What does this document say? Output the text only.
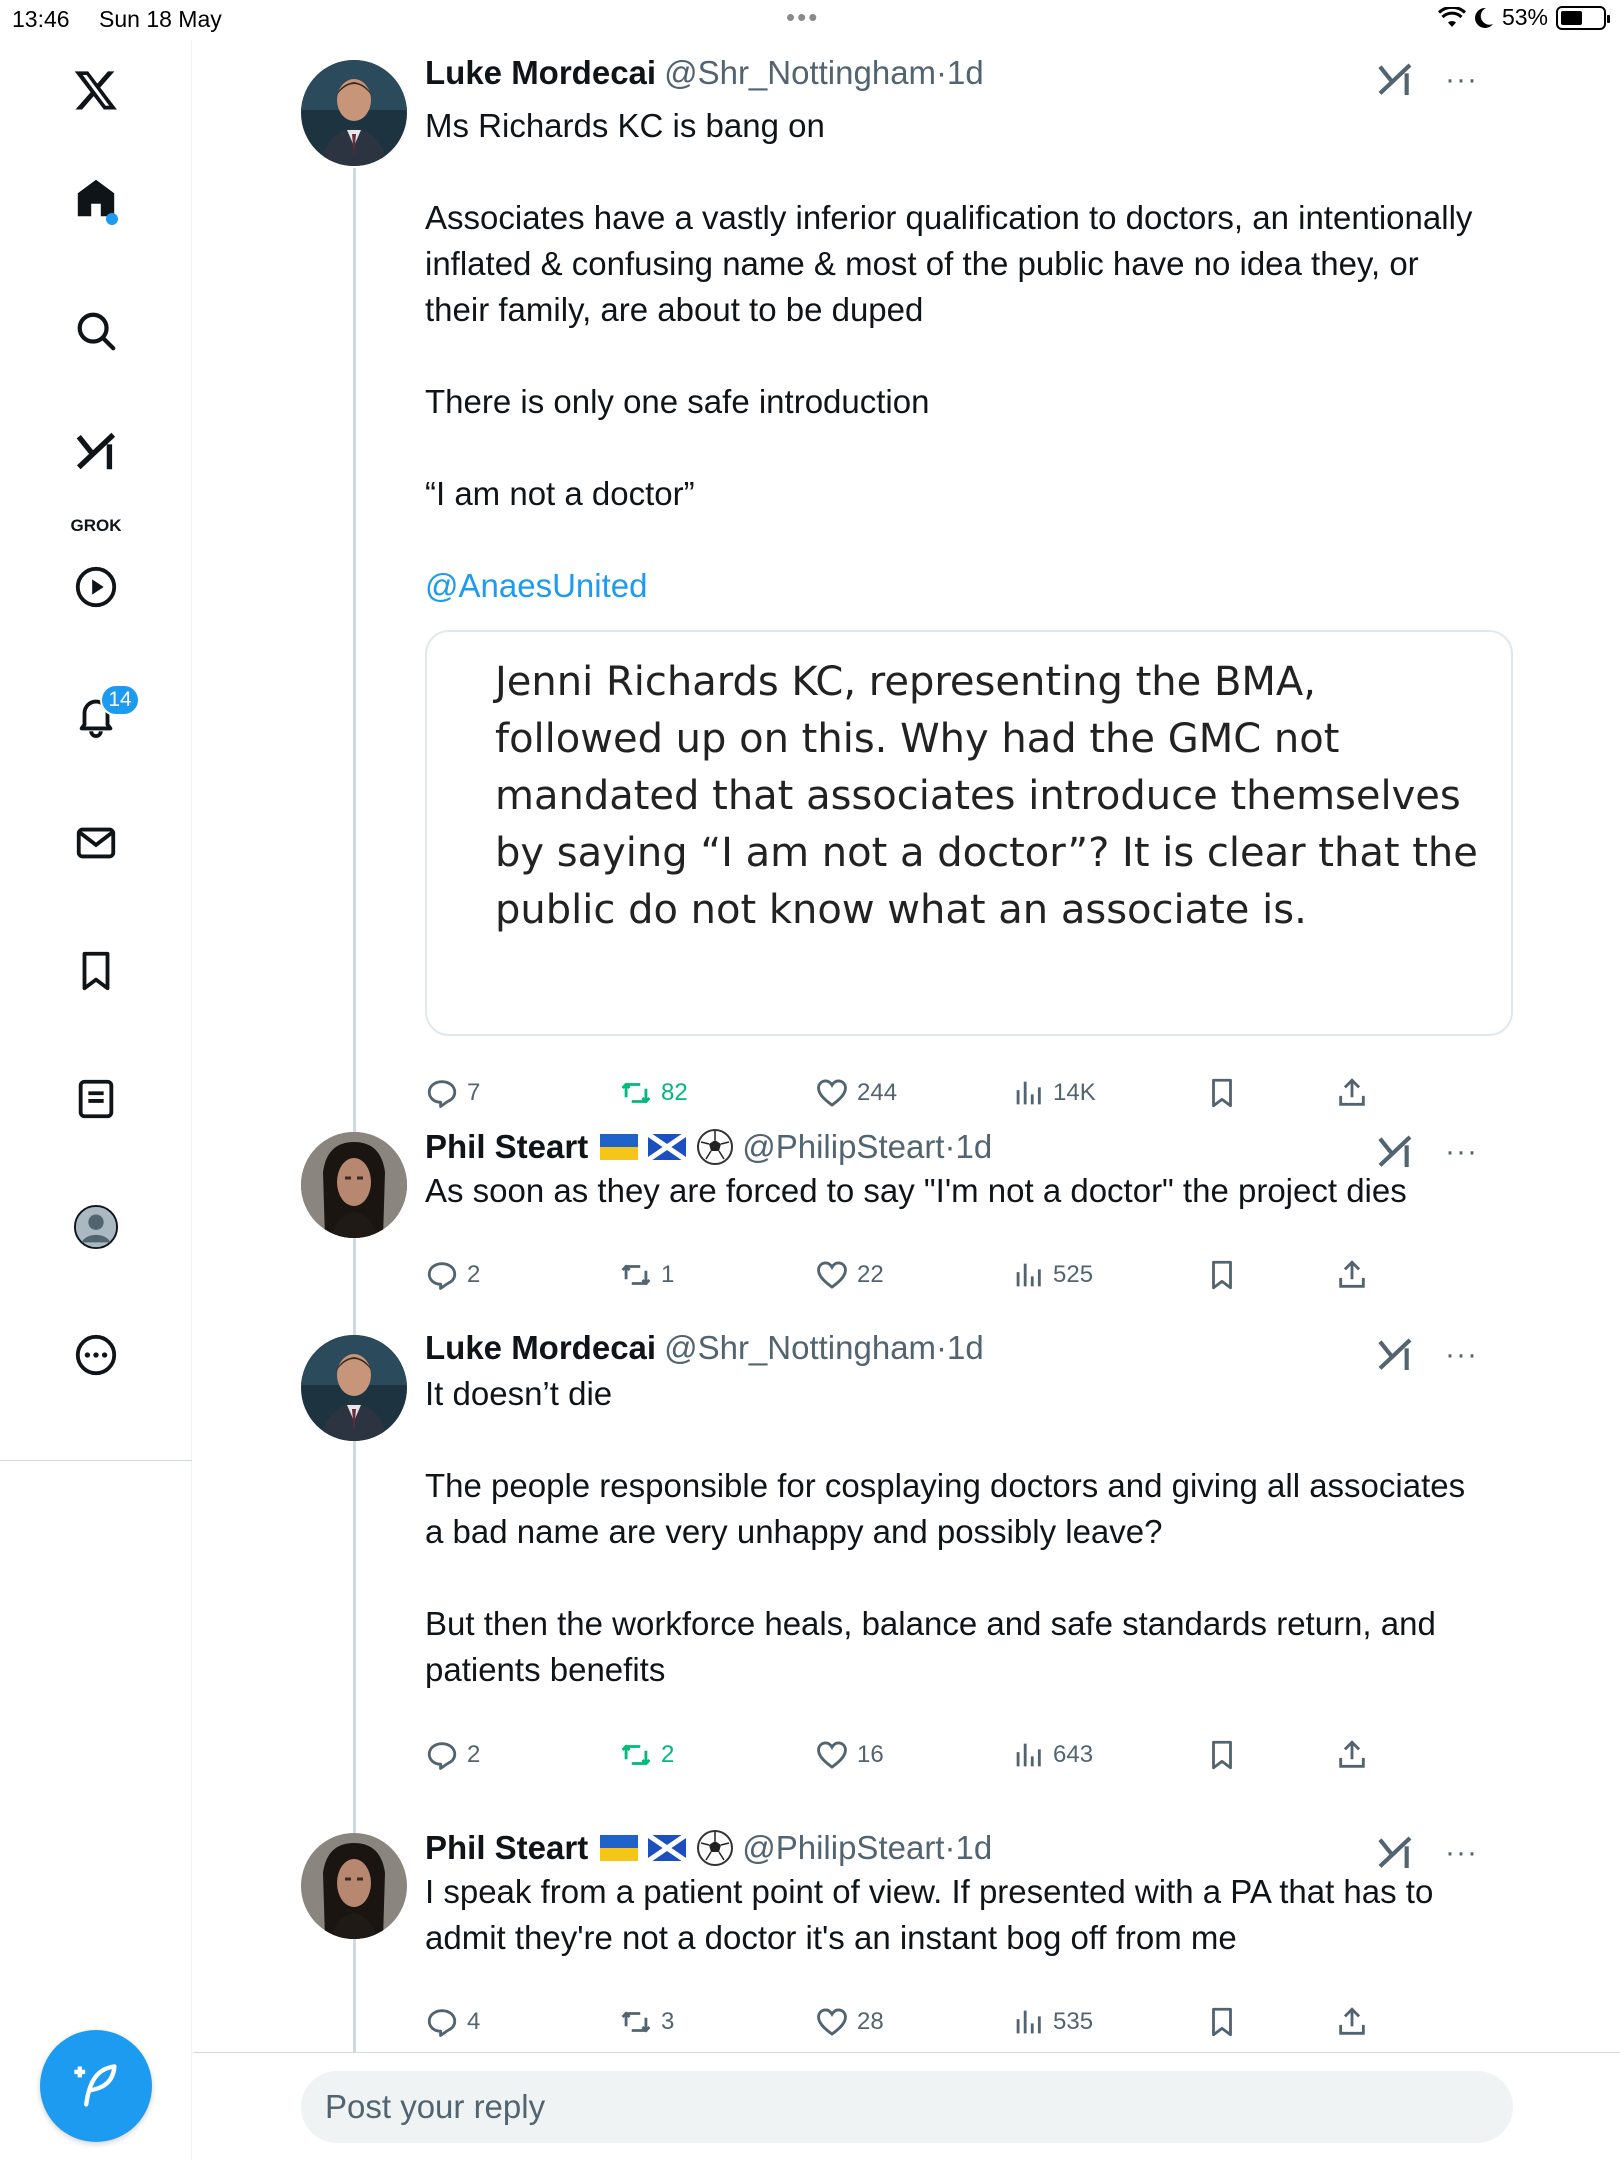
13:46 Sun 18 May	•••	53%
GROK
14
Luke Mordecai @Shr_Nottingham · 1d	···

Ms Richards KC is bang on

Associates have a vastly inferior qualification to doctors, an intentionally inflated & confusing name & most of the public have no idea they, or their family, are about to be duped

There is only one safe introduction

“I am not a doctor”

@AnaesUnited

Jenni Richards KC, representing the BMA, followed up on this. Why had the GMC not mandated that associates introduce themselves by saying “I am not a doctor”? It is clear that the public do not know what an associate is.
7	82	244	14K
Phil Steart	@PhilipSteart · 1d	···

As soon as they are forced to say "I'm not a doctor" the project dies

2	1	22	525
Luke Mordecai @Shr_Nottingham · 1d	···

It doesn’t die

The people responsible for cosplaying doctors and giving all associates a bad name are very unhappy and possibly leave?

But then the workforce heals, balance and safe standards return, and patients benefits

2	2	16	643
Phil Steart	@PhilipSteart · 1d	···

I speak from a patient point of view. If presented with a PA that has to admit they're not a doctor it's an instant bog off from me

4	3	28	535
Post your reply
